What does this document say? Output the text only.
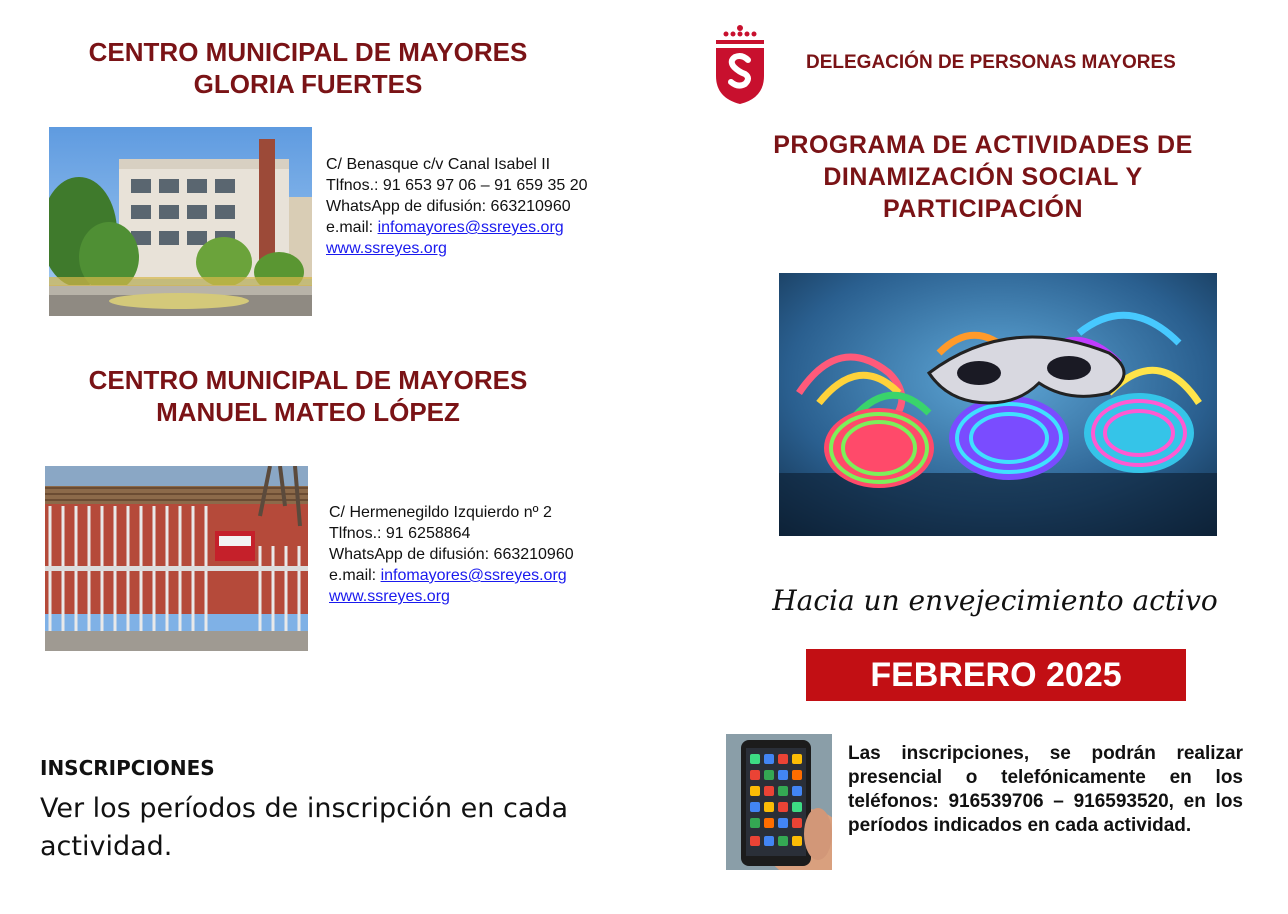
CENTRO MUNICIPAL DE MAYORES
GLORIA FUERTES
C/ Benasque c/v Canal Isabel II
Tlfnos.: 91 653 97 06 – 91 659 35 20
WhatsApp de difusión: 663210960
e.mail: infomayores@ssreyes.org
www.ssreyes.org
CENTRO MUNICIPAL DE MAYORES
MANUEL MATEO LÓPEZ
C/ Hermenegildo Izquierdo nº 2
Tlfnos.: 91 6258864
WhatsApp de difusión: 663210960
e.mail: infomayores@ssreyes.org
www.ssreyes.org
INSCRIPCIONES
Ver los períodos de inscripción en cada
actividad.
DELEGACIÓN DE PERSONAS MAYORES
PROGRAMA DE ACTIVIDADES DE
DINAMIZACIÓN SOCIAL Y
PARTICIPACIÓN
Hacia un envejecimiento activo
FEBRERO 2025
Las inscripciones, se podrán realizar presencial o telefónicamente en los teléfonos: 916539706 – 916593520, en los períodos indicados en cada actividad.
